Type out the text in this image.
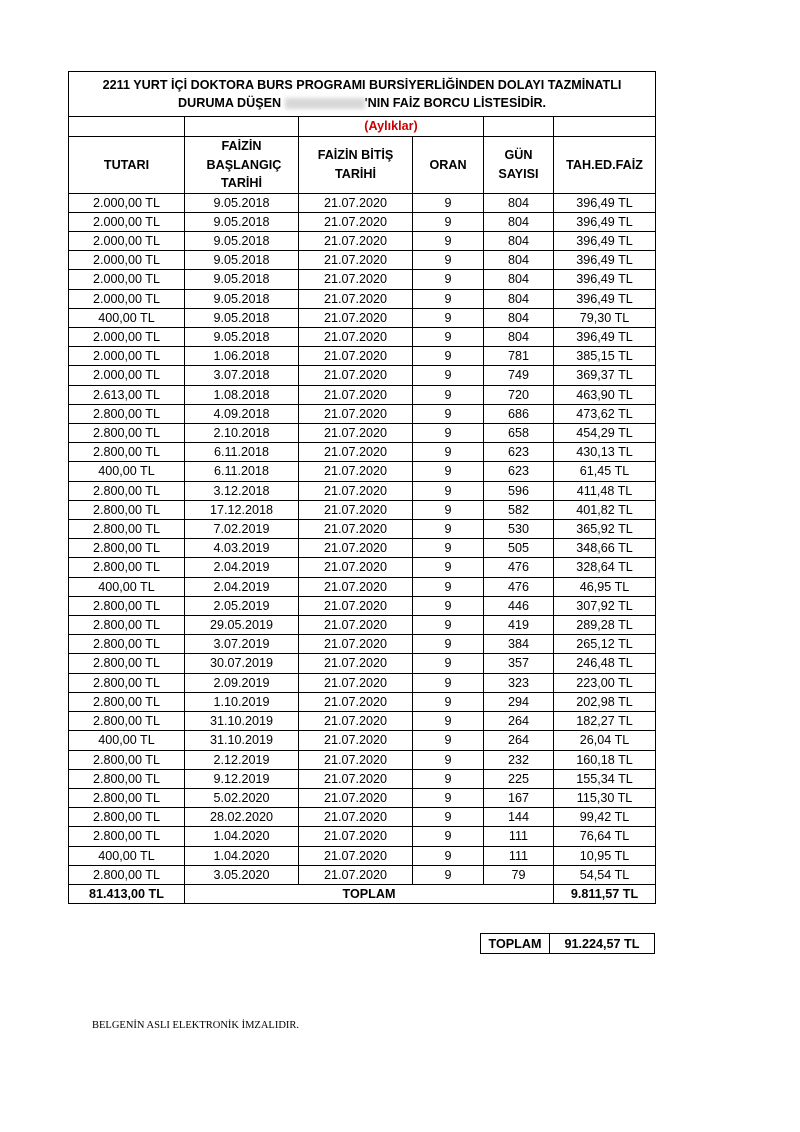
2211 YURT İÇİ DOKTORA BURS PROGRAMI BURSİYERLİĞİNDEN DOLAYI TAZMİNATLI
DURUMA DÜŞEN 'NIN FAİZ BORCU LİSTESİDİR.					

		(Aylıklar)			
TUTARI	FAİZİN BAŞLANGIÇ TARİHİ	FAİZİN BİTİŞ TARİHİ	ORAN	GÜN SAYISI	TAH.ED.FAİZ
2.000,00 TL	9.05.2018	21.07.2020	9	804	396,49 TL
2.000,00 TL	9.05.2018	21.07.2020	9	804	396,49 TL
2.000,00 TL	9.05.2018	21.07.2020	9	804	396,49 TL
2.000,00 TL	9.05.2018	21.07.2020	9	804	396,49 TL
2.000,00 TL	9.05.2018	21.07.2020	9	804	396,49 TL
2.000,00 TL	9.05.2018	21.07.2020	9	804	396,49 TL
400,00 TL	9.05.2018	21.07.2020	9	804	79,30 TL
2.000,00 TL	9.05.2018	21.07.2020	9	804	396,49 TL
2.000,00 TL	1.06.2018	21.07.2020	9	781	385,15 TL
2.000,00 TL	3.07.2018	21.07.2020	9	749	369,37 TL
2.613,00 TL	1.08.2018	21.07.2020	9	720	463,90 TL
2.800,00 TL	4.09.2018	21.07.2020	9	686	473,62 TL
2.800,00 TL	2.10.2018	21.07.2020	9	658	454,29 TL
2.800,00 TL	6.11.2018	21.07.2020	9	623	430,13 TL
400,00 TL	6.11.2018	21.07.2020	9	623	61,45 TL
2.800,00 TL	3.12.2018	21.07.2020	9	596	411,48 TL
2.800,00 TL	17.12.2018	21.07.2020	9	582	401,82 TL
2.800,00 TL	7.02.2019	21.07.2020	9	530	365,92 TL
2.800,00 TL	4.03.2019	21.07.2020	9	505	348,66 TL
2.800,00 TL	2.04.2019	21.07.2020	9	476	328,64 TL
400,00 TL	2.04.2019	21.07.2020	9	476	46,95 TL
2.800,00 TL	2.05.2019	21.07.2020	9	446	307,92 TL
2.800,00 TL	29.05.2019	21.07.2020	9	419	289,28 TL
2.800,00 TL	3.07.2019	21.07.2020	9	384	265,12 TL
2.800,00 TL	30.07.2019	21.07.2020	9	357	246,48 TL
2.800,00 TL	2.09.2019	21.07.2020	9	323	223,00 TL
2.800,00 TL	1.10.2019	21.07.2020	9	294	202,98 TL
2.800,00 TL	31.10.2019	21.07.2020	9	264	182,27 TL
400,00 TL	31.10.2019	21.07.2020	9	264	26,04 TL
2.800,00 TL	2.12.2019	21.07.2020	9	232	160,18 TL
2.800,00 TL	9.12.2019	21.07.2020	9	225	155,34 TL
2.800,00 TL	5.02.2020	21.07.2020	9	167	115,30 TL
2.800,00 TL	28.02.2020	21.07.2020	9	144	99,42 TL
2.800,00 TL	1.04.2020	21.07.2020	9	111	76,64 TL
400,00 TL	1.04.2020	21.07.2020	9	111	10,95 TL
2.800,00 TL	3.05.2020	21.07.2020	9	79	54,54 TL
81.413,00 TL	TOPLAM				9.811,57 TL
TOPLAM	91.224,57 TL
BELGENİN ASLI ELEKTRONİK İMZALIDIR.
